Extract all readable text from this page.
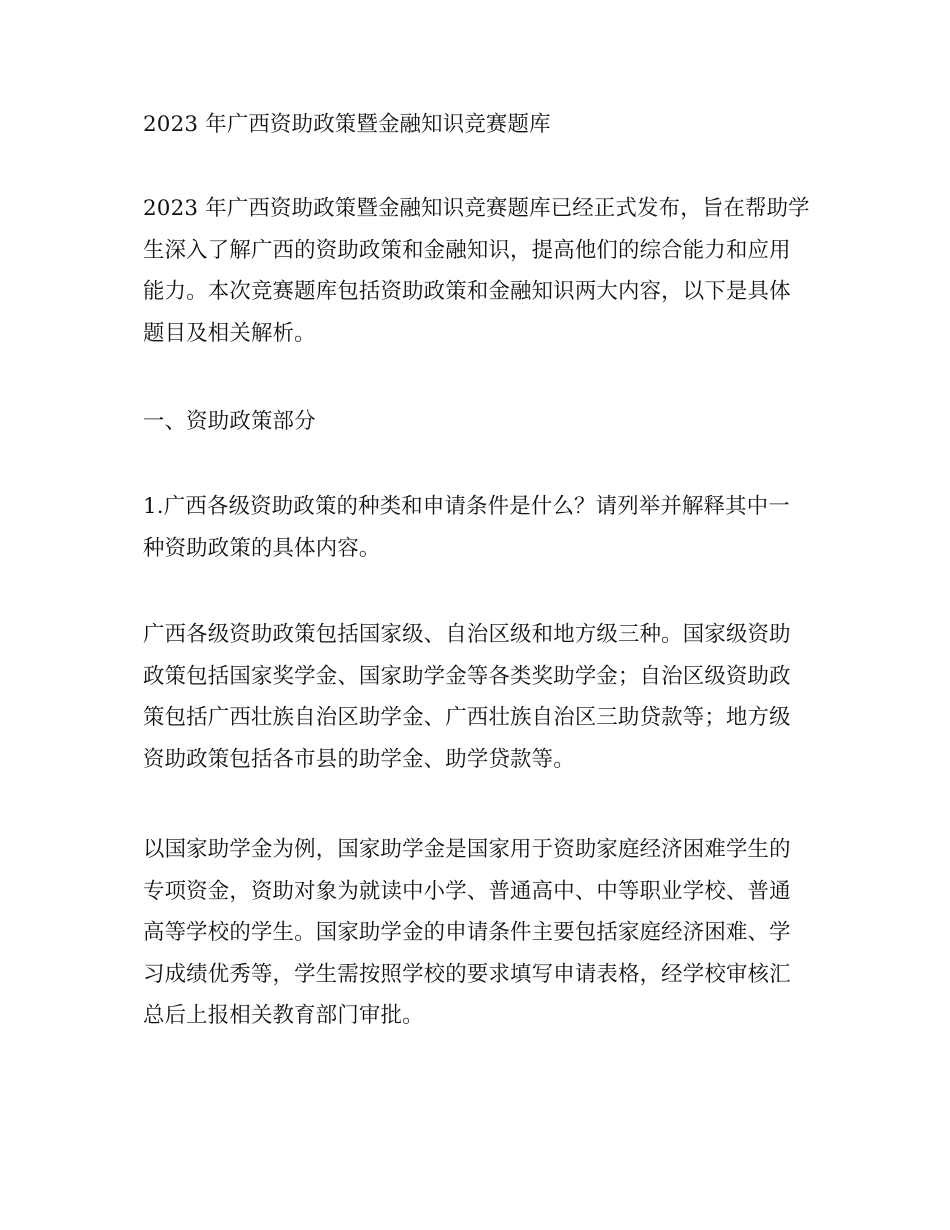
2023 年广西资助政策暨金融知识竞赛题库
2023 年广西资助政策暨金融知识竞赛题库已经正式发布，旨在帮助学
生深入了解广西的资助政策和金融知识，提高他们的综合能力和应用
能力。本次竞赛题库包括资助政策和金融知识两大内容，以下是具体
题目及相关解析。
一、资助政策部分
1.广西各级资助政策的种类和申请条件是什么？请列举并解释其中一
种资助政策的具体内容。
广西各级资助政策包括国家级、自治区级和地方级三种。国家级资助
政策包括国家奖学金、国家助学金等各类奖助学金；自治区级资助政
策包括广西壮族自治区助学金、广西壮族自治区三助贷款等；地方级
资助政策包括各市县的助学金、助学贷款等。
以国家助学金为例，国家助学金是国家用于资助家庭经济困难学生的
专项资金，资助对象为就读中小学、普通高中、中等职业学校、普通
高等学校的学生。国家助学金的申请条件主要包括家庭经济困难、学
习成绩优秀等，学生需按照学校的要求填写申请表格，经学校审核汇
总后上报相关教育部门审批。
